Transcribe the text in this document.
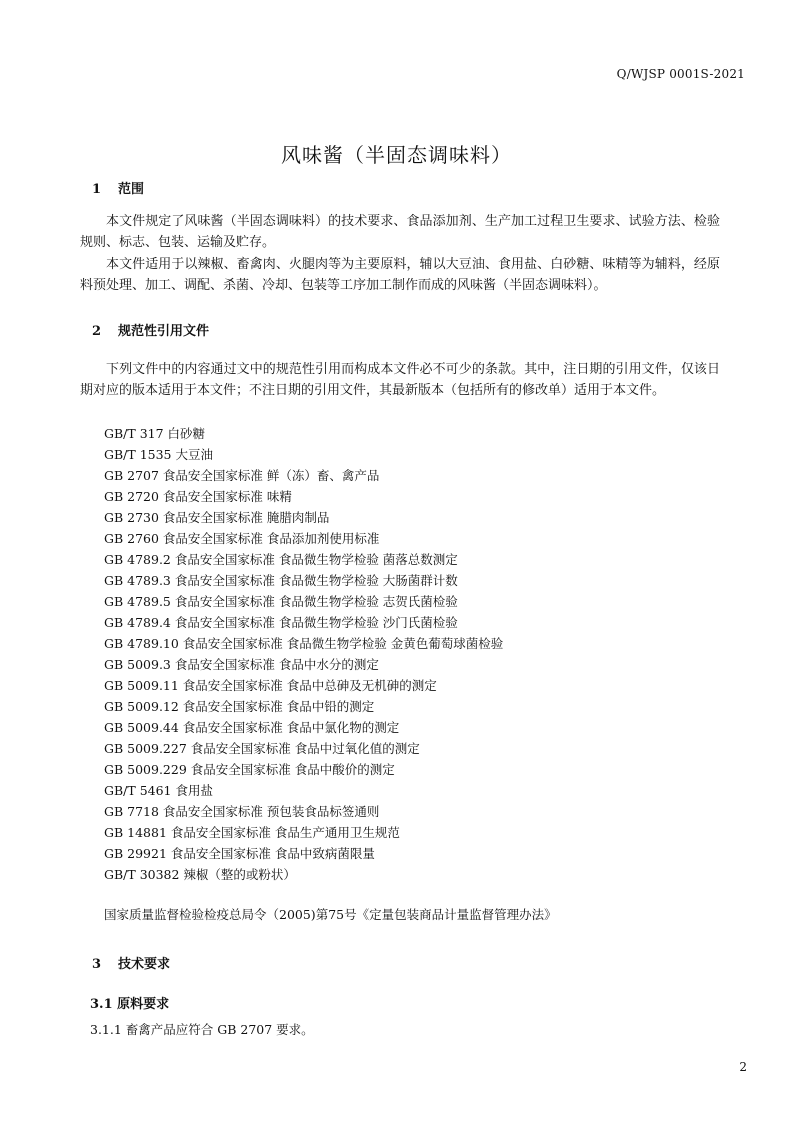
Q/WJSP 0001S-2021
风味酱（半固态调味料）
1 范围
本文件规定了风味酱（半固态调味料）的技术要求、食品添加剂、生产加工过程卫生要求、试验方法、检验规则、标志、包装、运输及贮存。
本文件适用于以辣椒、畜禽肉、火腿肉等为主要原料，辅以大豆油、食用盐、白砂糖、味精等为辅料，经原料预处理、加工、调配、杀菌、冷却、包装等工序加工制作而成的风味酱（半固态调味料）。
2 规范性引用文件
下列文件中的内容通过文中的规范性引用而构成本文件必不可少的条款。其中，注日期的引用文件，仅该日期对应的版本适用于本文件；不注日期的引用文件，其最新版本（包括所有的修改单）适用于本文件。
GB/T 317 白砂糖
GB/T 1535 大豆油
GB 2707 食品安全国家标准 鲜（冻）畜、禽产品
GB 2720 食品安全国家标准 味精
GB 2730 食品安全国家标准 腌腊肉制品
GB 2760 食品安全国家标准 食品添加剂使用标准
GB 4789.2 食品安全国家标准 食品微生物学检验 菌落总数测定
GB 4789.3 食品安全国家标准 食品微生物学检验 大肠菌群计数
GB 4789.5 食品安全国家标准 食品微生物学检验 志贺氏菌检验
GB 4789.4 食品安全国家标准 食品微生物学检验 沙门氏菌检验
GB 4789.10 食品安全国家标准 食品微生物学检验 金黄色葡萄球菌检验
GB 5009.3 食品安全国家标准 食品中水分的测定
GB 5009.11 食品安全国家标准 食品中总砷及无机砷的测定
GB 5009.12 食品安全国家标准 食品中铅的测定
GB 5009.44 食品安全国家标准 食品中氯化物的测定
GB 5009.227 食品安全国家标准 食品中过氧化值的测定
GB 5009.229 食品安全国家标准 食品中酸价的测定
GB/T 5461 食用盐
GB 7718 食品安全国家标准 预包装食品标签通则
GB 14881 食品安全国家标准 食品生产通用卫生规范
GB 29921 食品安全国家标准 食品中致病菌限量
GB/T 30382 辣椒（整的或粉状）
国家质量监督检验检疫总局令（2005)第75号《定量包装商品计量监督管理办法》
3 技术要求
3.1 原料要求
3.1.1 畜禽产品应符合 GB 2707 要求。
2
